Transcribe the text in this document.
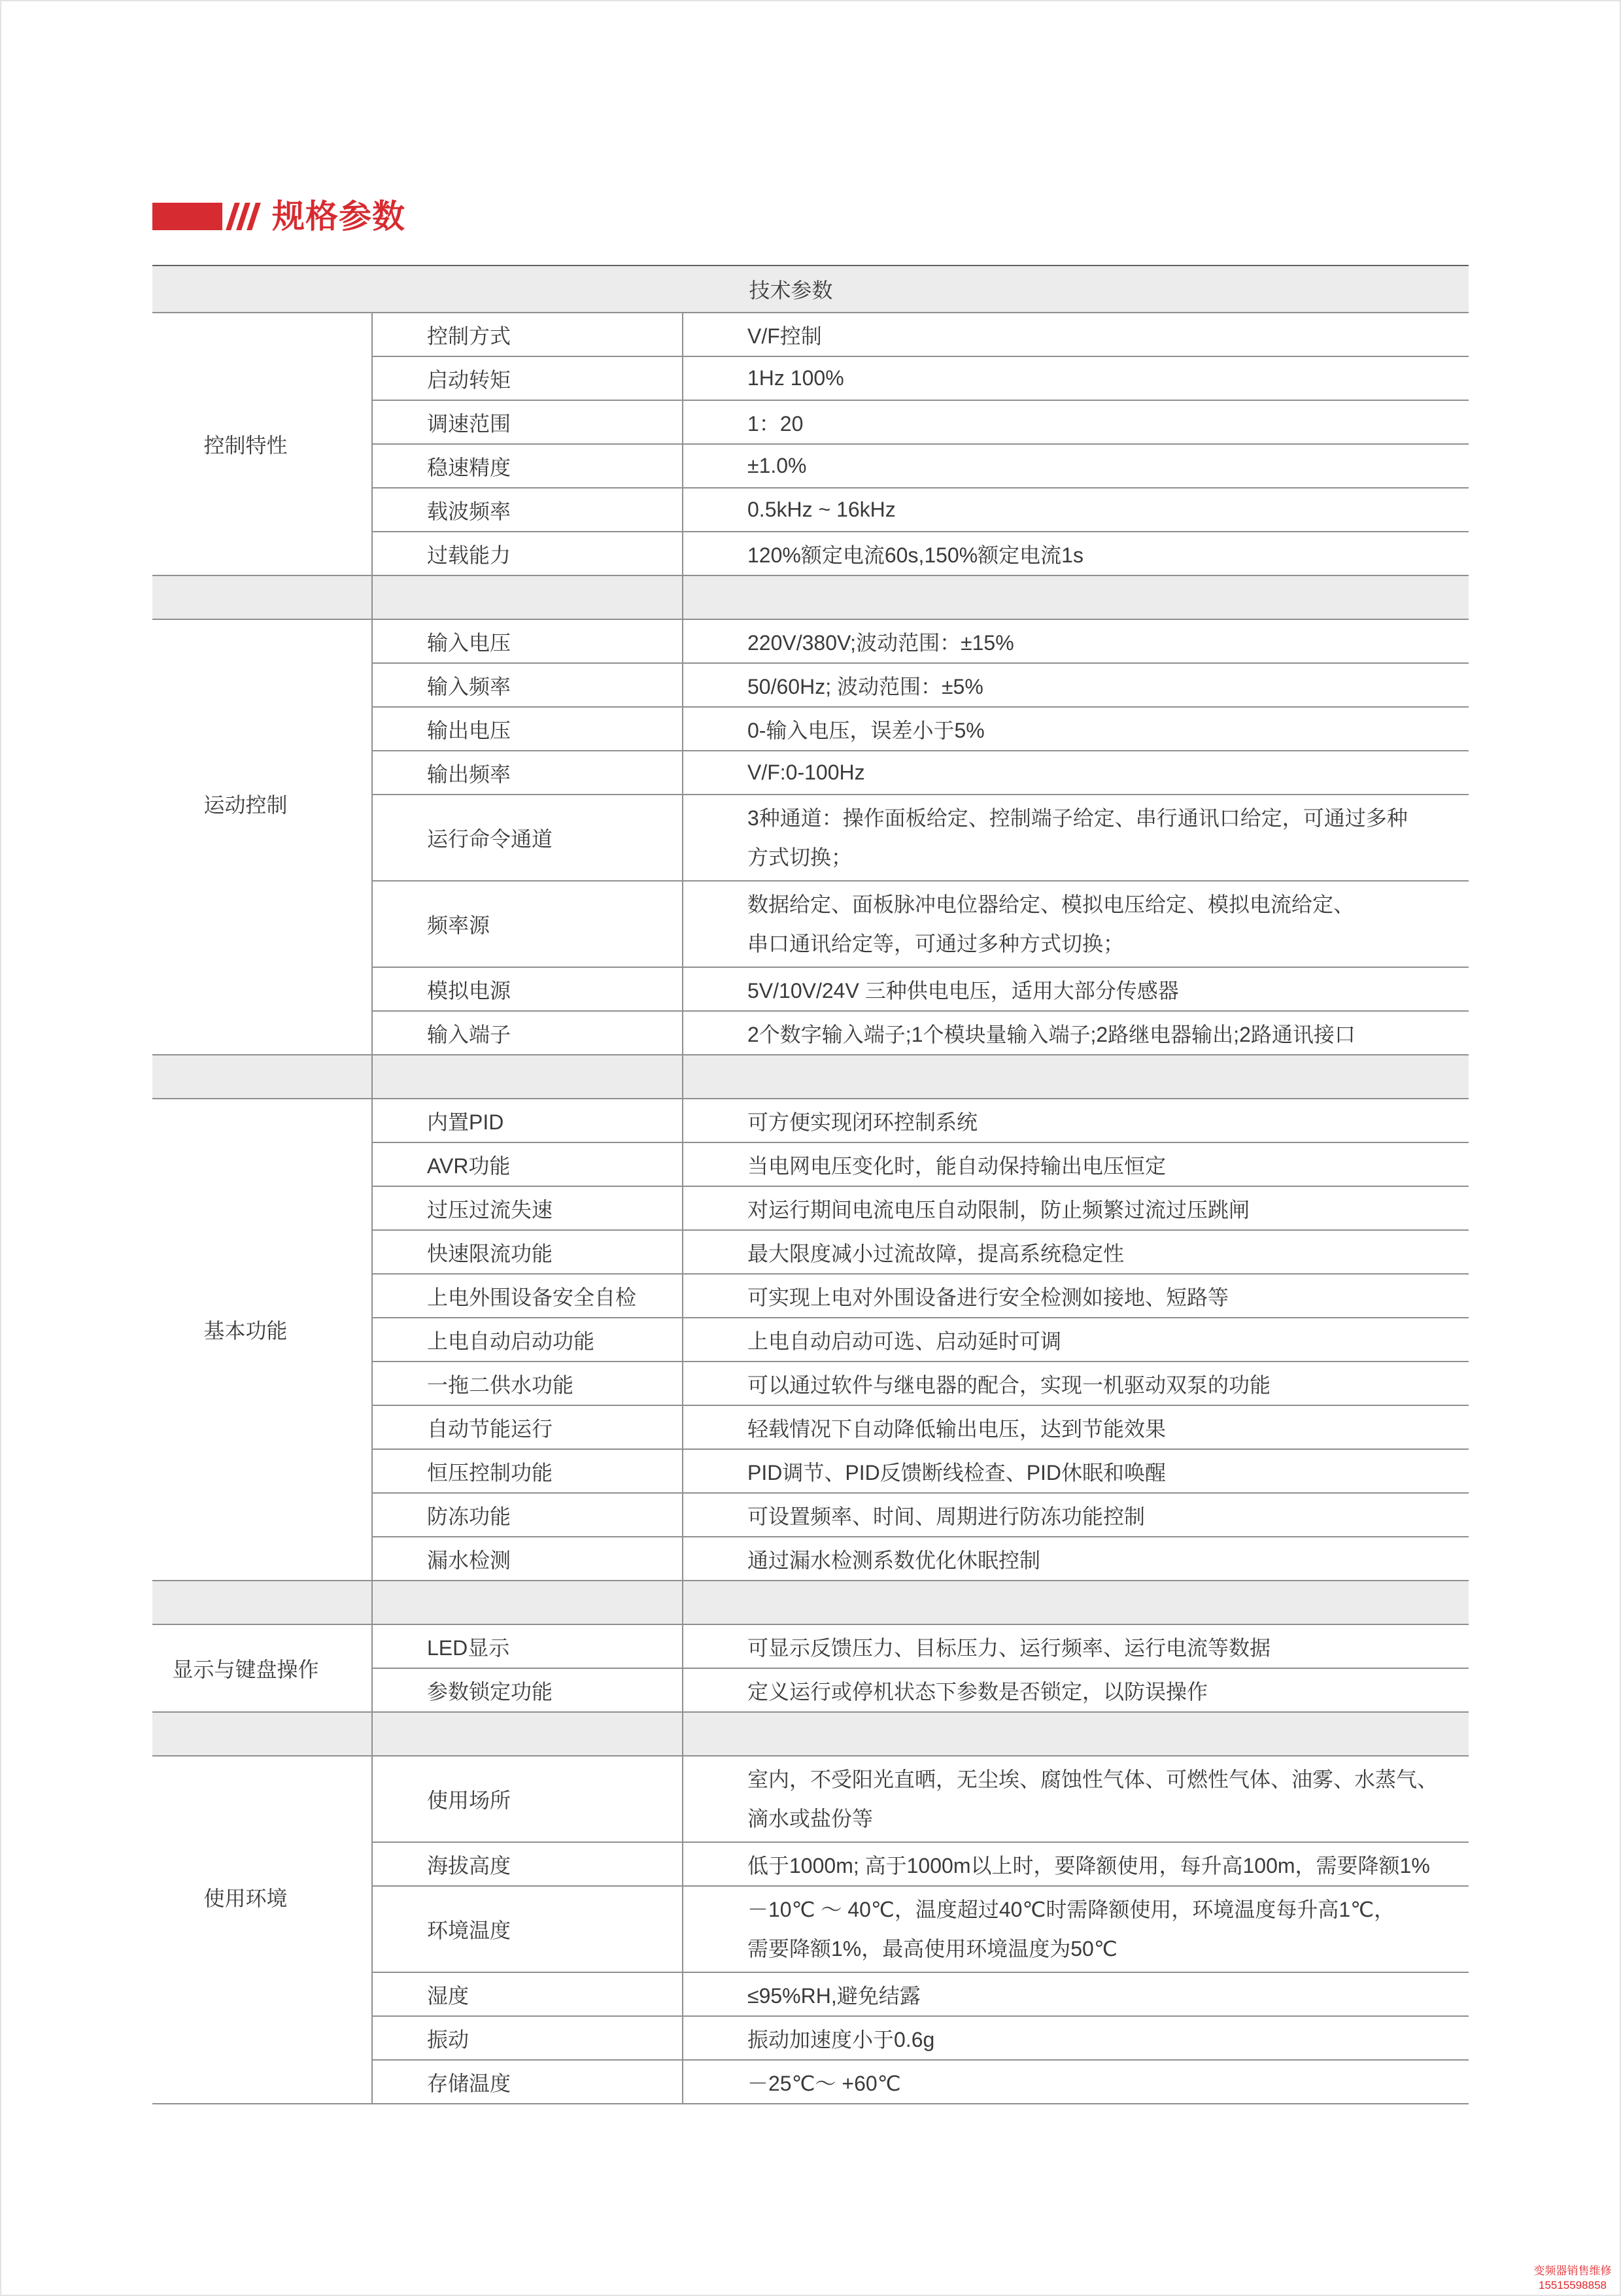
规格参数
技术参数		
控制特性	控制方式	V/F控制
	启动转矩	1Hz 100%
	调速范围	1：20
	稳速精度	±1.0%
	载波频率	0.5kHz ~ 16kHz
	过载能力	120%额定电流60s,150%额定电流1s

运动控制	输入电压	220V/380V;波动范围：±15%
	输入频率	50/60Hz; 波动范围：±5%
	输出电压	0-输入电压，误差小于5%
	输出频率	V/F:0-100Hz
	运行命令通道	3种通道：操作面板给定、控制端子给定、串行通讯口给定，可通过多种
方式切换；

	频率源	数据给定、面板脉冲电位器给定、模拟电压给定、模拟电流给定、
串口通讯给定等，可通过多种方式切换；

	模拟电源	5V/10V/24V 三种供电电压，适用大部分传感器
	输入端子	2个数字输入端子;1个模块量输入端子;2路继电器输出;2路通讯接口

基本功能	内置PID	可方便实现闭环控制系统
	AVR功能	当电网电压变化时，能自动保持输出电压恒定
	过压过流失速	对运行期间电流电压自动限制，防止频繁过流过压跳闸
	快速限流功能	最大限度减小过流故障，提高系统稳定性
	上电外围设备安全自检	可实现上电对外围设备进行安全检测如接地、短路等
	上电自动启动功能	上电自动启动可选、启动延时可调
	一拖二供水功能	可以通过软件与继电器的配合，实现一机驱动双泵的功能
	自动节能运行	轻载情况下自动降低输出电压，达到节能效果
	恒压控制功能	PID调节、PID反馈断线检查、PID休眠和唤醒
	防冻功能	可设置频率、时间、周期进行防冻功能控制
	漏水检测	通过漏水检测系数优化休眠控制

显示与键盘操作	LED显示	可显示反馈压力、目标压力、运行频率、运行电流等数据
	参数锁定功能	定义运行或停机状态下参数是否锁定，以防误操作

使用环境	使用场所	室内，不受阳光直晒，无尘埃、腐蚀性气体、可燃性气体、油雾、水蒸气、
滴水或盐份等

	海拔高度	低于1000m; 高于1000m以上时，要降额使用，每升高100m，需要降额1%
	环境温度	－10℃ ～ 40℃，温度超过40℃时需降额使用，环境温度每升高1℃，
需要降额1%，最高使用环境温度为50℃

	湿度	≤95%RH,避免结露
	振动	振动加速度小于0.6g
	存储温度	－25℃～ +60℃
变频器销售维修
15515598858
